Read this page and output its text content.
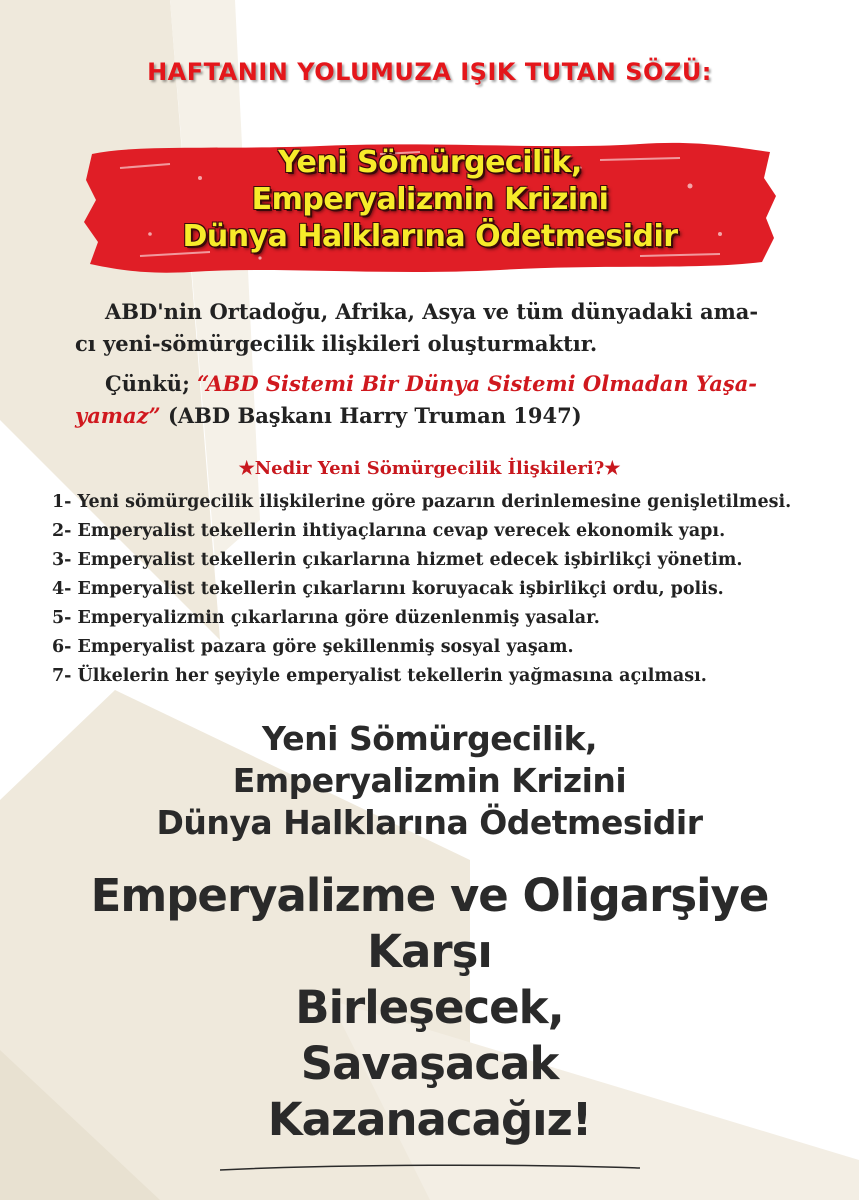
HAFTANIN YOLUMUZA IŞIK TUTAN SÖZÜ:
Yeni Sömürgecilik,
Emperyalizmin Krizini
Dünya Halklarına Ödetmesidir
ABD'nin Ortadoğu, Afrika, Asya ve tüm dünyadaki ama-
cı yeni-sömürgecilik ilişkileri oluşturmaktır.
Çünkü; “ABD Sistemi Bir Dünya Sistemi Olmadan Yaşa-
yamaz” (ABD Başkanı Harry Truman 1947)
★Nedir Yeni Sömürgecilik İlişkileri?★
1- Yeni sömürgecilik ilişkilerine göre pazarın derinlemesine genişletilmesi.
2- Emperyalist tekellerin ihtiyaçlarına cevap verecek ekonomik yapı.
3- Emperyalist tekellerin çıkarlarına hizmet edecek işbirlikçi yönetim.
4- Emperyalist tekellerin çıkarlarını koruyacak işbirlikçi ordu, polis.
5- Emperyalizmin çıkarlarına göre düzenlenmiş yasalar.
6- Emperyalist pazara göre şekillenmiş sosyal yaşam.
7- Ülkelerin her şeyiyle emperyalist tekellerin yağmasına açılması.
Yeni Sömürgecilik,
Emperyalizmin Krizini
Dünya Halklarına Ödetmesidir
Emperyalizme ve Oligarşiye
Karşı
Birleşecek,
Savaşacak
Kazanacağız!
